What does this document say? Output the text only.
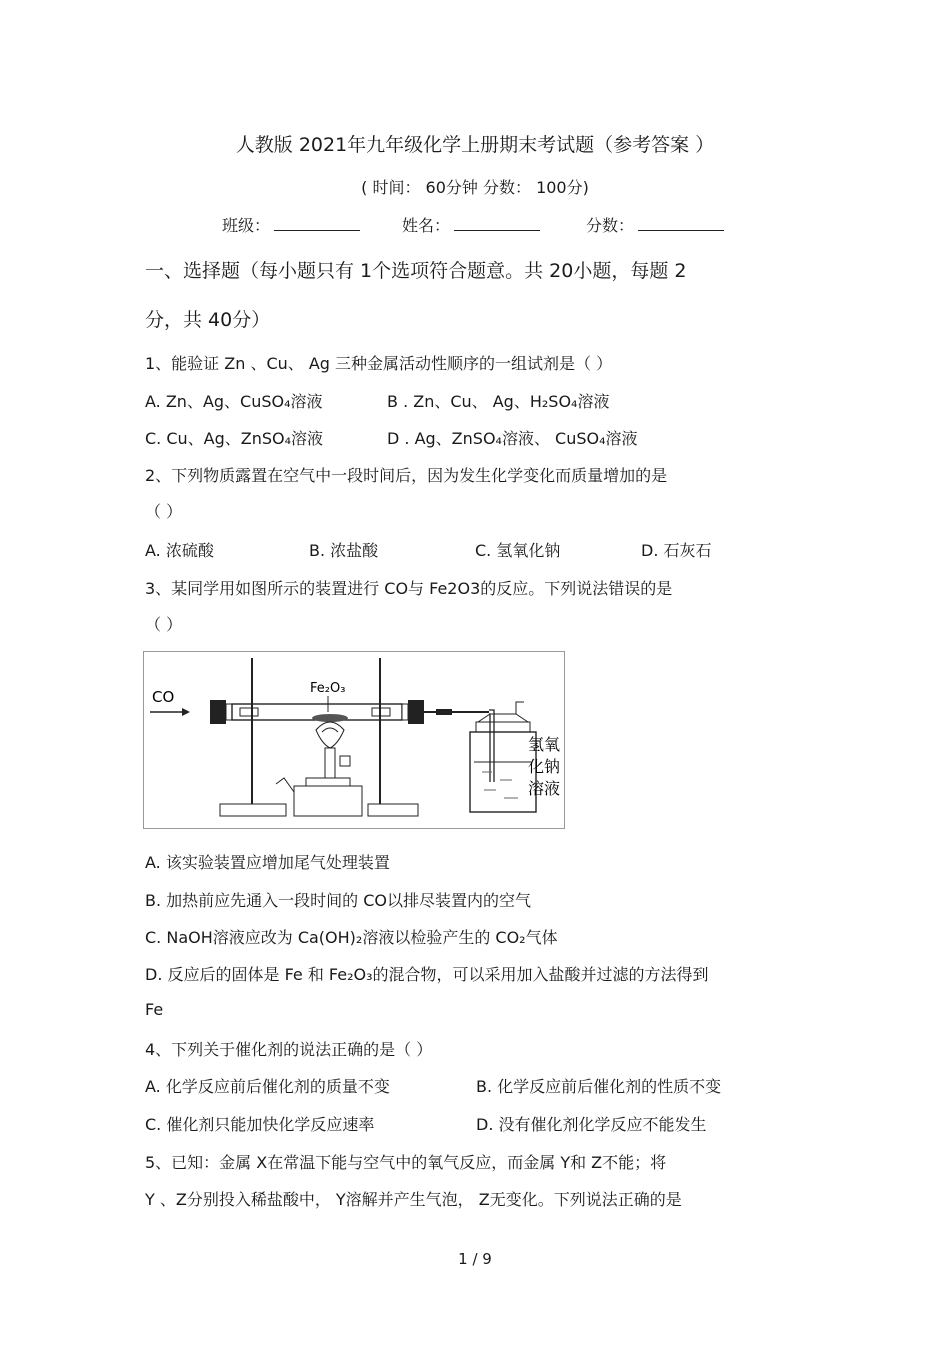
人教版 2021年九年级化学上册期末考试题（参考答案 ）
( 时间： 60分钟 分数： 100分)
班级：	姓名：	分数：
一、选择题（每小题只有 1个选项符合题意。共 20小题，每题 2
分，共 40分）
1、能验证 Zn 、Cu、 Ag 三种金属活动性顺序的一组试剂是（ ）
A. Zn、Ag、CuSO₄溶液	B . Zn、Cu、 Ag、H₂SO₄溶液
C. Cu、Ag、ZnSO₄溶液	D . Ag、ZnSO₄溶液、 CuSO₄溶液
2、下列物质露置在空气中一段时间后，因为发生化学变化而质量增加的是
（ ）
A. 浓硫酸	B. 浓盐酸	C. 氢氧化钠	D. 石灰石
3、某同学用如图所示的装置进行 CO与 Fe2O3的反应。下列说法错误的是
（ ）
CO	Fe₂O₃
氢氧
化钠
溶液
A. 该实验装置应增加尾气处理装置
B. 加热前应先通入一段时间的 CO以排尽装置内的空气
C. NaOH溶液应改为 Ca(OH)₂溶液以检验产生的 CO₂气体
D. 反应后的固体是 Fe 和 Fe₂O₃的混合物，可以采用加入盐酸并过滤的方法得到
Fe
4、下列关于催化剂的说法正确的是（ ）
A. 化学反应前后催化剂的质量不变	B. 化学反应前后催化剂的性质不变
C. 催化剂只能加快化学反应速率	D. 没有催化剂化学反应不能发生
5、已知：金属 X在常温下能与空气中的氧气反应，而金属 Y和 Z不能；将
Y 、Z分别投入稀盐酸中， Y溶解并产生气泡， Z无变化。下列说法正确的是
1 / 9
